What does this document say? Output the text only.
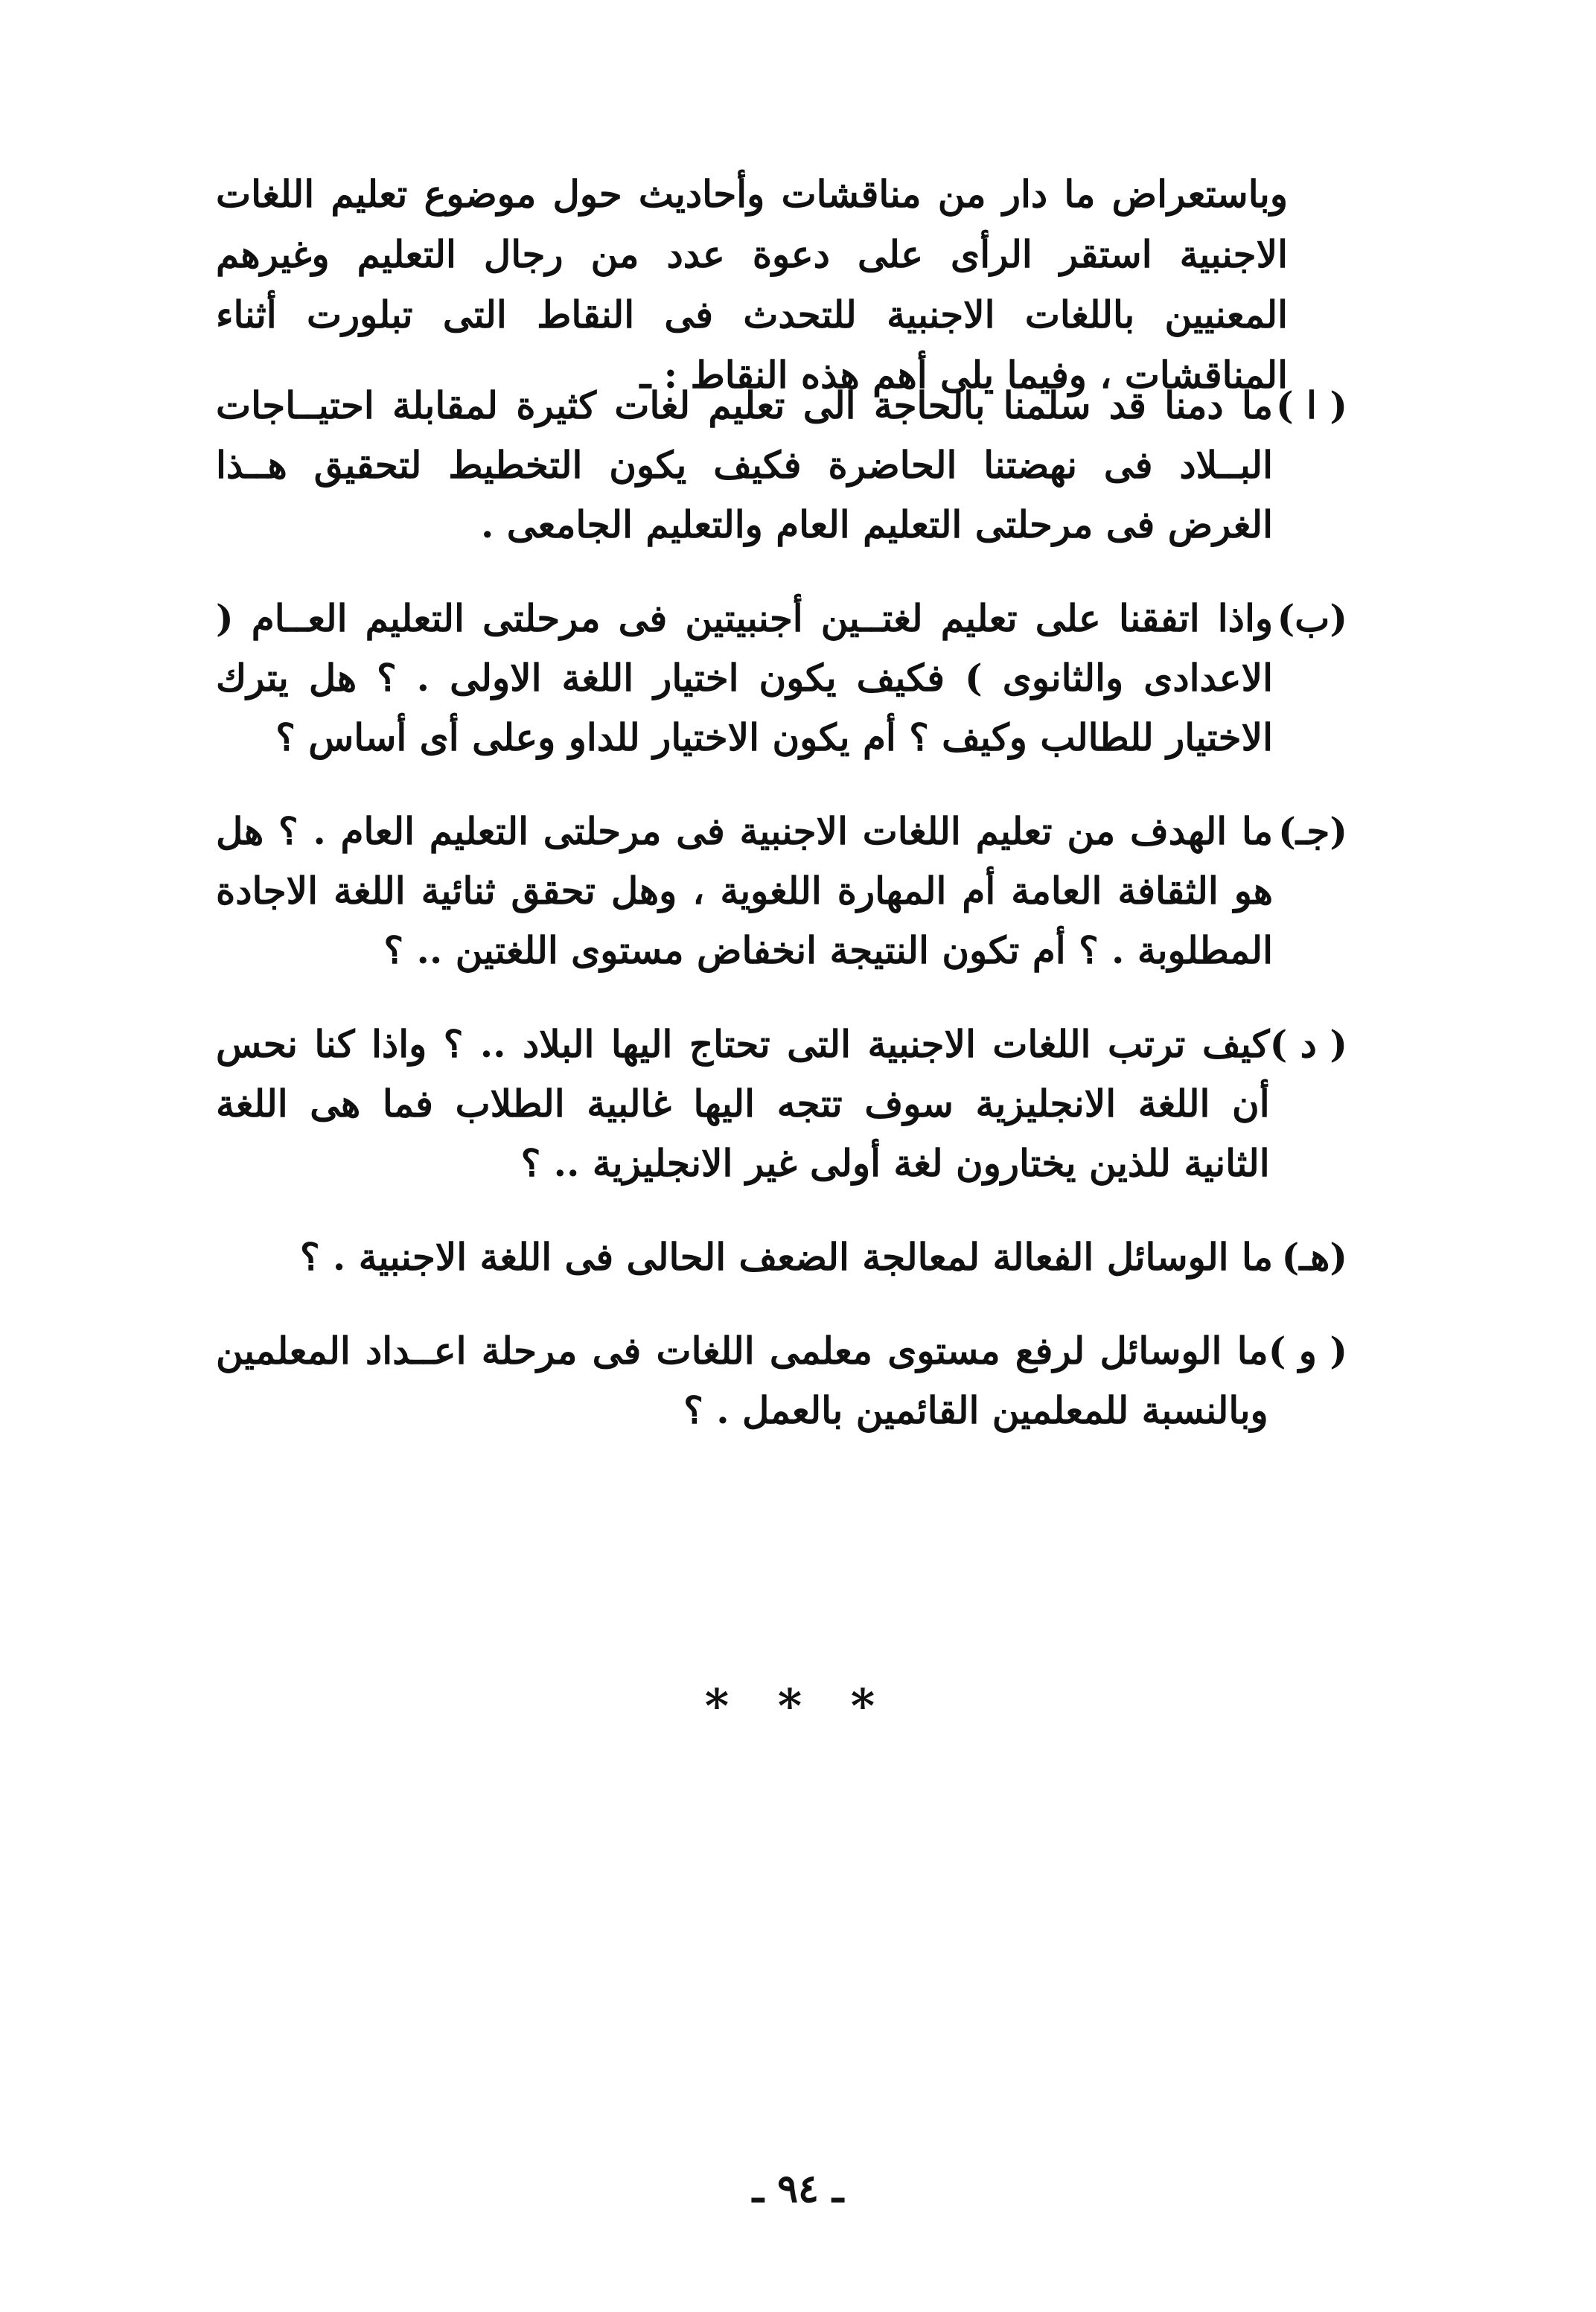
وباستعراض ما دار من مناقشات وأحاديث حول موضوع تعليم اللغات الاجنبية استقر الرأى على دعوة عدد من رجال التعليم وغيرهم المعنيين باللغات الاجنبية للتحدث فى النقاط التى تبلورت أثناء المناقشات ، وفيما يلى أهم هذه النقاط : ـ

( ا )
ما دمنا قد سلمنا بالحاجة الى تعليم لغات كثيرة لمقابلة احتيــاجات البــلاد فى نهضتنا الحاضرة فكيف يكون التخطيط لتحقيق هــذا الغرض فى مرحلتى التعليم العام والتعليم الجامعى .
(ب)
واذا اتفقنا على تعليم لغتــين أجنبيتين فى مرحلتى التعليم العــام ( الاعدادى والثانوى ) فكيف يكون اختيار اللغة الاولى . ؟ هل يترك الاختيار للطالب وكيف ؟ أم يكون الاختيار للداو وعلى أى أساس ؟
(جـ)
ما الهدف من تعليم اللغات الاجنبية فى مرحلتى التعليم العام . ؟ هل هو الثقافة العامة أم المهارة اللغوية ، وهل تحقق ثنائية اللغة الاجادة المطلوبة . ؟ أم تكون النتيجة انخفاض مستوى اللغتين .. ؟
( د )
كيف ترتب اللغات الاجنبية التى تحتاج اليها البلاد .. ؟ واذا كنا نحس أن اللغة الانجليزية سوف تتجه اليها غالبية الطلاب فما هى اللغة الثانية للذين يختارون لغة أولى غير الانجليزية .. ؟
(هـ)
ما الوسائل الفعالة لمعالجة الضعف الحالى فى اللغة الاجنبية . ؟
( و )
ما الوسائل لرفع مستوى معلمى اللغات فى مرحلة اعــداد المعلمين وبالنسبة للمعلمين القائمين بالعمل . ؟
* * *
ـ ٩٤ ـ
